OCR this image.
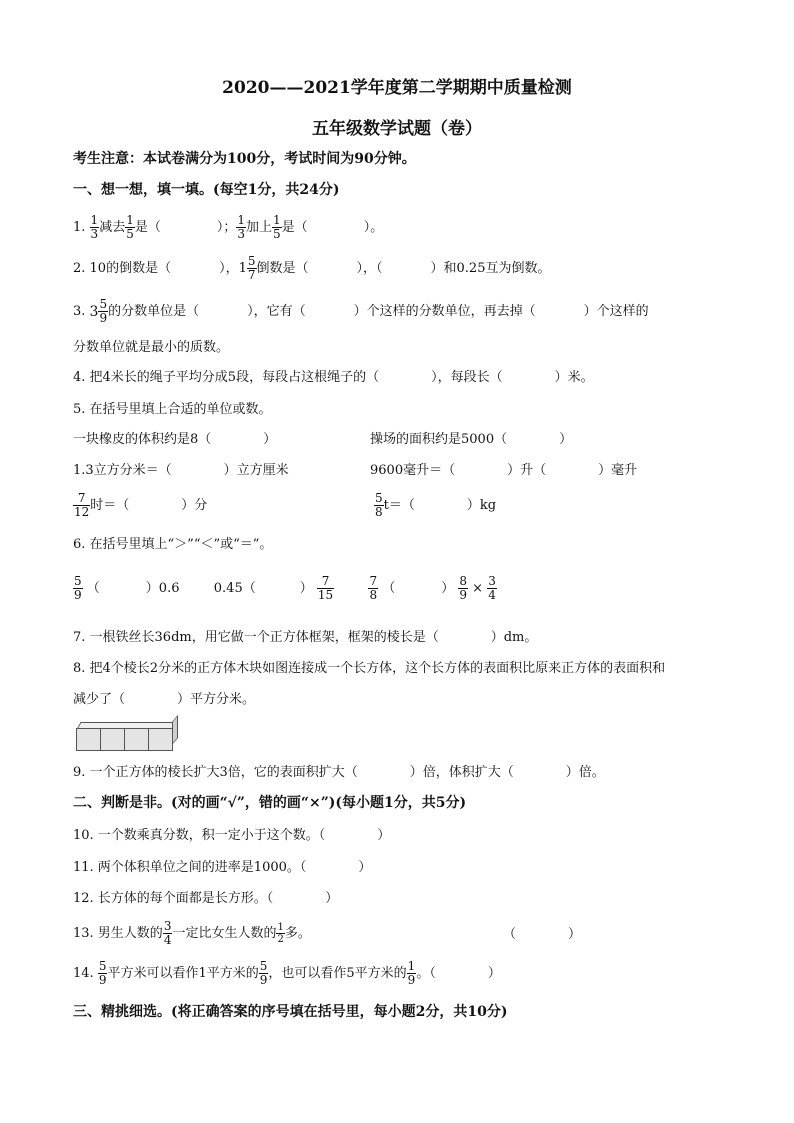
2020——2021学年度第二学期期中质量检测
五年级数学试题（卷）
考生注意：本试卷满分为100分，考试时间为90分钟。
一、想一想，填一填。(每空1分，共24分)
1. $\frac{1}{3}$ 减去 $\frac{1}{5}$ 是（	）； $\frac{1}{3}$ 加上 $\frac{1}{5}$ 是（	）。
2. 10的倒数是（	），$1 \frac{5}{7}$ 倒数是（	），（	）和0.25互为倒数。
3. $3 \frac{5}{9}$ 的分数单位是（	），它有（	）个这样的分数单位，再去掉（	）个这样的
分数单位就是最小的质数。
4. 把4米长的绳子平均分成5段，每段占这根绳子的（　　　　），每段长（　　　　）米。
5. 在括号里填上合适的单位或数。
一块橡皮的体积约是8（　　　　）	操场的面积约是5000（　　　　）
1.3立方分米＝（　　　　）立方厘米	9600毫升＝（　　　　）升（　　　　）毫升
$\frac{7}{12}$ 时＝（　　　　）分	$\frac{5}{8} t=$（　　　　）kg
6. 在括号里填上“＞”“＜”或“＝”。
$\frac{5}{9}$ （	）0.6	0.45（	） $\frac{7}{15}$
	$\frac{7}{8}$ （	） $\frac{8}{9} \times \frac{3}{4}$
7. 一根铁丝长36dm，用它做一个正方体框架，框架的棱长是（　　　　）dm。
8. 把4个棱长2分米的正方体木块如图连接成一个长方体，这个长方体的表面积比原来正方体的表面积和
减少了（　　　　）平方分米。
9. 一个正方体的棱长扩大3倍，它的表面积扩大（　　　　）倍，体积扩大（　　　　）倍。
二、判断是非。(对的画“√”，错的画“×”)(每小题1分，共5分)
10. 一个数乘真分数，积一定小于这个数。（　　　　）
11. 两个体积单位之间的进率是1000。（　　　　）
12. 长方体的每个面都是长方形。（　　　　）
13. 男生人数的 $\frac{3}{4}$ 一定比女生人数的 $\frac{1}{2}$ 多。	（　　　　）
14. $\frac{5}{9}$ 平方米可以看作1平方米的 $\frac{5}{9}$ ，也可以看作5平方米的 $\frac{1}{9}$ 。（　　　　）
三、精挑细选。(将正确答案的序号填在括号里，每小题2分，共10分)
